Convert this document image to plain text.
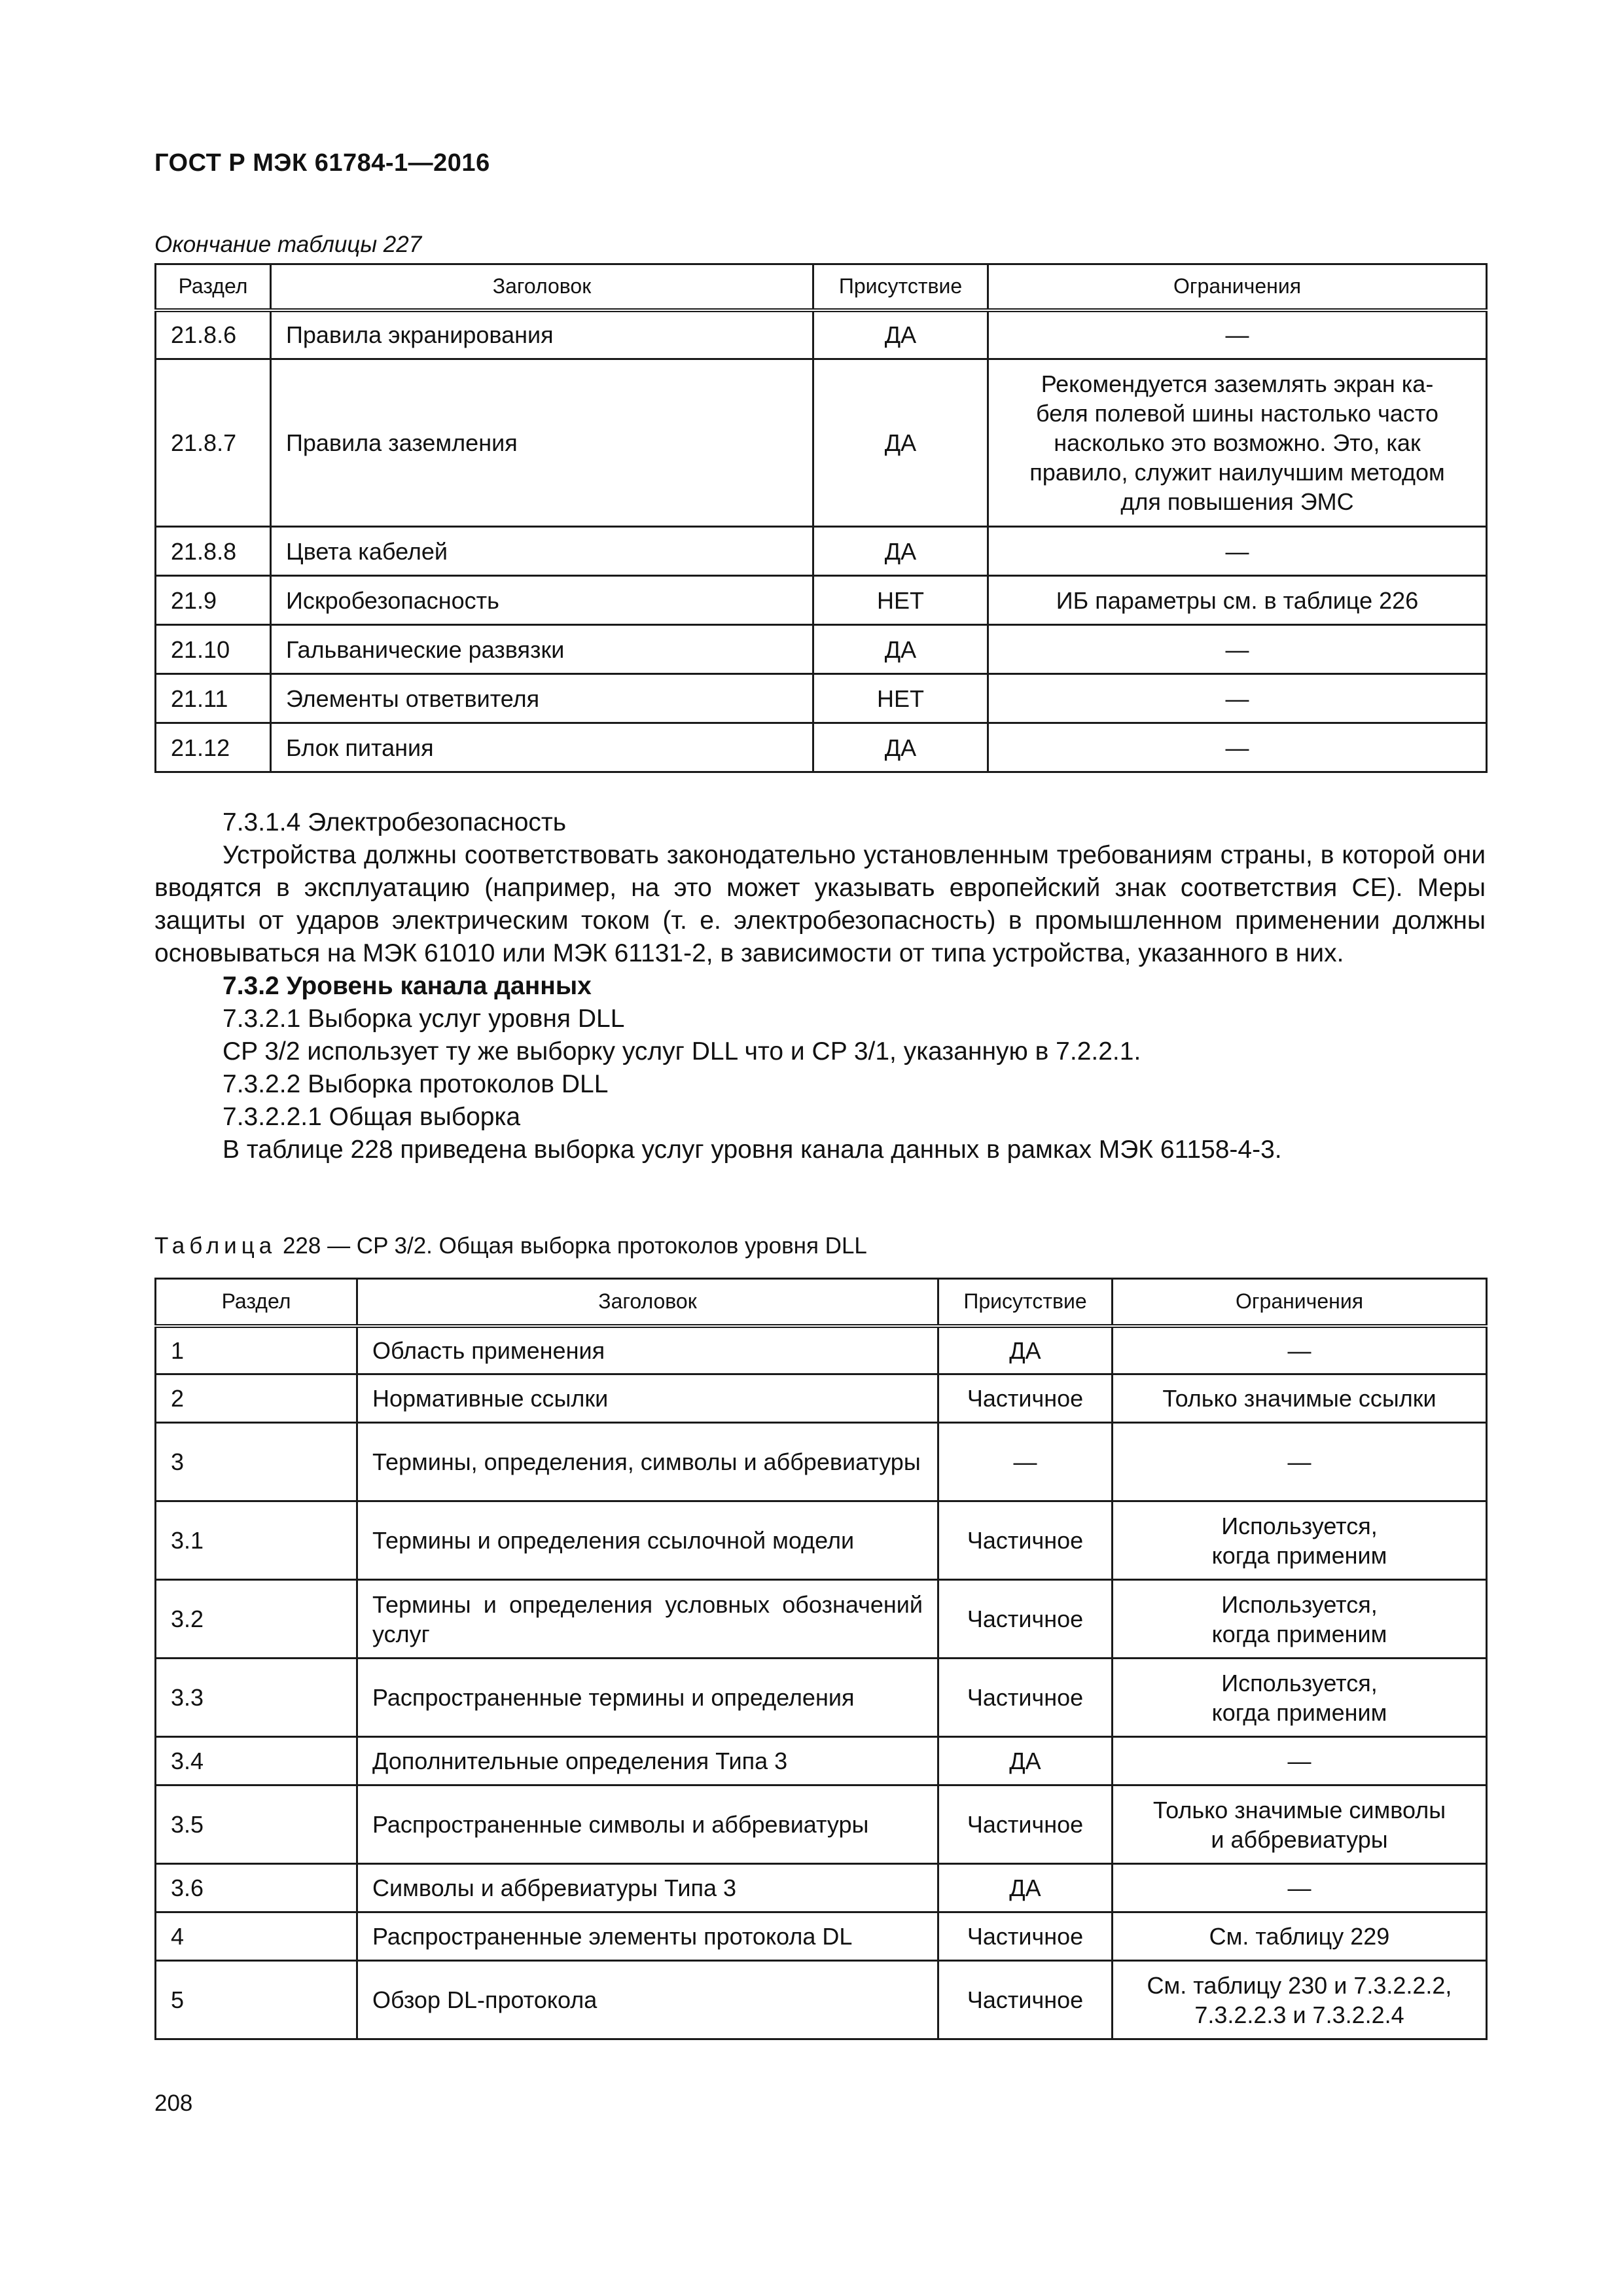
ГОСТ Р МЭК 61784-1—2016
Окончание таблицы 227
Раздел	Заголовок	Присутствие	Ограничения
21.8.6	Правила экранирования	ДА	—
21.8.7	Правила заземления	ДА	Рекомендуется заземлять экран ка-
беля полевой шины настолько часто
насколько это возможно. Это, как
правило, служит наилучшим методом
для повышения ЭМС
21.8.8	Цвета кабелей	ДА	—
21.9	Искробезопасность	НЕТ	ИБ параметры см. в таблице 226
21.10	Гальванические развязки	ДА	—
21.11	Элементы ответвителя	НЕТ	—
21.12	Блок питания	ДА	—

7.3.1.4 Электробезопасность

Устройства должны соответствовать законодательно установленным требованиям страны, в которой они вводятся в эксплуатацию (например, на это может указывать европейский знак соответствия CE). Меры защиты от ударов электрическим током (т. е. электробезопасность) в промышленном применении должны основываться на МЭК 61010 или МЭК 61131-2, в зависимости от типа устройства, указанного в них.

7.3.2 Уровень канала данных

7.3.2.1 Выборка услуг уровня DLL

CP 3/2 использует ту же выборку услуг DLL что и CP 3/1, указанную в 7.2.2.1.

7.3.2.2 Выборка протоколов DLL

7.3.2.2.1 Общая выборка

В таблице 228 приведена выборка услуг уровня канала данных в рамках МЭК 61158-4-3.

Таблица 228 — CP 3/2. Общая выборка протоколов уровня DLL
Раздел	Заголовок	Присутствие	Ограничения
1	Область применения	ДА	—
2	Нормативные ссылки	Частичное	Только значимые ссылки
3	Термины, определения, символы и аббревиатуры	—	—
3.1	Термины и определения ссылочной модели	Частичное	Используется,
когда применим
3.2	Термины и определения условных обозначений услуг	Частичное	Используется,
когда применим
3.3	Распространенные термины и определения	Частичное	Используется,
когда применим
3.4	Дополнительные определения Типа 3	ДА	—
3.5	Распространенные символы и аббревиатуры	Частичное	Только значимые символы
и аббревиатуры
3.6	Символы и аббревиатуры Типа 3	ДА	—
4	Распространенные элементы протокола DL	Частичное	См. таблицу 229
5	Обзор DL-протокола	Частичное	См. таблицу 230 и 7.3.2.2.2,
7.3.2.2.3 и 7.3.2.2.4
208
